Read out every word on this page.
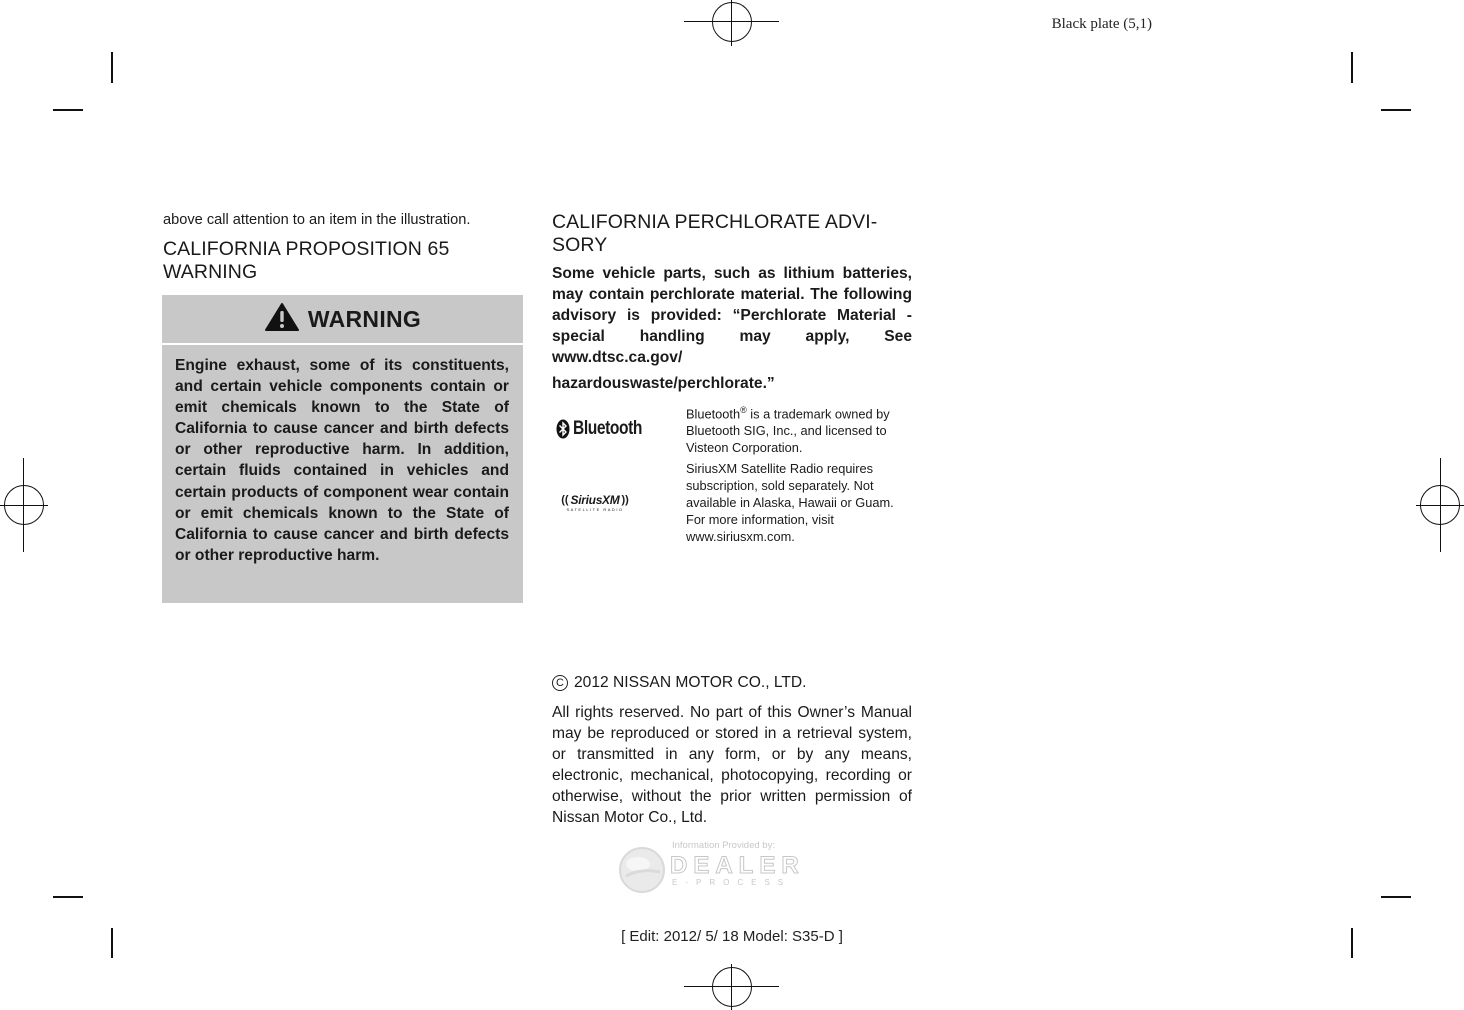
Black plate (5,1)
above call attention to an item in the illustration.
CALIFORNIA PROPOSITION 65
WARNING
WARNING
Engine exhaust, some of its constituents, and certain vehicle components contain or emit chemicals known to the State of California to cause cancer and birth defects or other reproductive harm. In addition, certain fluids contained in vehicles and certain products of component wear contain or emit chemicals known to the State of California to cause cancer and birth defects or other reproductive harm.
CALIFORNIA PERCHLORATE ADVI-
SORY
Some vehicle parts, such as lithium batteries, may contain perchlorate material. The following advisory is provided: “Perchlorate Material - special handling may apply, See www.dtsc.ca.gov/
hazardouswaste/perchlorate.”
Bluetooth
Bluetooth® is a trademark owned by Bluetooth SIG, Inc., and licensed to Visteon Corporation.
(( SiriusXM ))
SATELLITE RADIO
SiriusXM Satellite Radio requires subscription, sold separately. Not available in Alaska, Hawaii or Guam. For more information, visit www.siriusxm.com.
C 2012 NISSAN MOTOR CO., LTD.
All rights reserved. No part of this Owner’s Manual may be reproduced or stored in a retrieval system, or transmitted in any form, or by any means, electronic, mechanical, photocopying, recording or otherwise, without the prior written permission of Nissan Motor Co., Ltd.
Information Provided by:
DEALER
E-PROCESS
[ Edit: 2012/ 5/ 18 Model: S35-D ]
